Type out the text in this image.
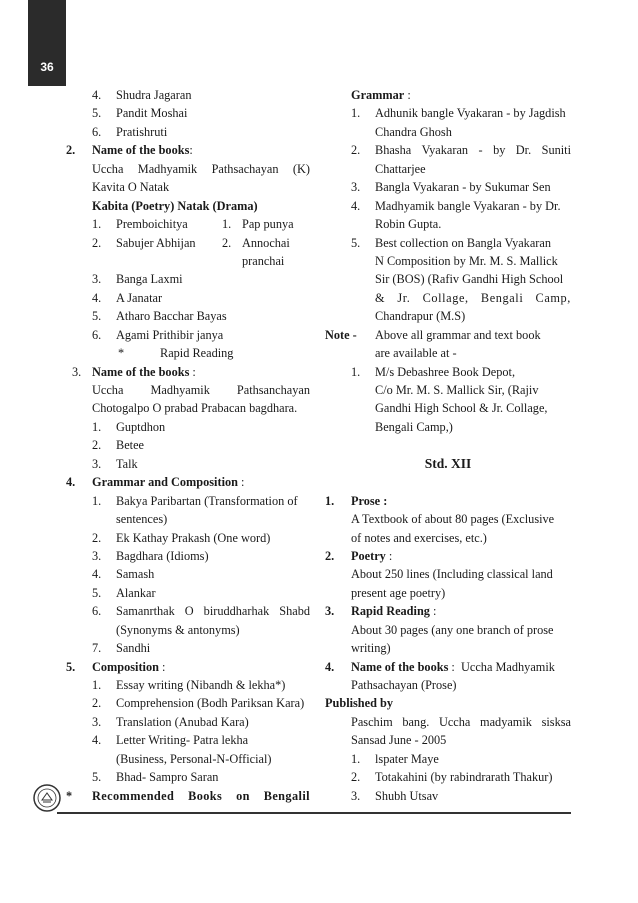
36
4. Shudra Jagaran
5. Pandit Moshai
6. Pratishruti
2. Name of the books:
Uccha Madhyamik Pathsachayan (K)
Kavita O Natak
Kabita (Poetry) Natak (Drama)
1. Premboichitya	1. Pap punya
2. Sabujer Abhijan 2. Annochai
pranchai
3. Banga Laxmi
4. A Janatar
5. Atharo Bacchar Bayas
6. Agami Prithibir janya
*	Rapid Reading
3. Name of the books :
Uccha Madhyamik Pathsanchayan
Chotogalpo O prabad Prabacan bagdhara.
1. Guptdhon
2. Betee
3. Talk
4. Grammar and Composition :
1. Bakya Paribartan (Transformation of
sentences)
2. Ek Kathay Prakash (One word)
3. Bagdhara (Idioms)
4. Samash
5. Alankar
6. Samanrthak O biruddharhak Shabd
(Synonyms & antonyms)
7. Sandhi
5. Composition :
1. Essay writing (Nibandh & lekha*)
2. Comprehension (Bodh Pariksan Kara)
3. Translation (Anubad Kara)
4. Letter Writing- Patra lekha
(Business, Personal-N-Official)
5. Bhad- Sampro Saran
* Recommended Books on Bengalil
Grammar :
1. Adhunik bangle Vyakaran - by Jagdish
Chandra Ghosh
2. Bhasha Vyakaran - by Dr. Suniti
Chattarjee
3. Bangla Vyakaran - by Sukumar Sen
4. Madhyamik bangle Vyakaran - by Dr.
Robin Gupta.
5. Best collection on Bangla Vyakaran
N Composition by Mr. M. S. Mallick
Sir (BOS) (Rafiv Gandhi High School
& Jr. Collage, Bengali Camp,
Chandrapur (M.S)
Note - Above all grammar and text book
are available at -
1. M/s Debashree Book Depot,
C/o Mr. M. S. Mallick Sir, (Rajiv
Gandhi High School & Jr. Collage,
Bengali Camp,)
Std. XII
1. Prose :
A Textbook of about 80 pages (Exclusive
of notes and exercises, etc.)
2. Poetry :
About 250 lines (Including classical land
present age poetry)
3. Rapid Reading :
About 30 pages (any one branch of prose
writing)
4. Name of the books :  Uccha Madhyamik
Pathsachayan (Prose)
Published by
Paschim bang. Uccha madyamik sisksa
Sansad June - 2005
1. lspater Maye
2. Totakahini (by rabindrarath Thakur)
3. Shubh Utsav
